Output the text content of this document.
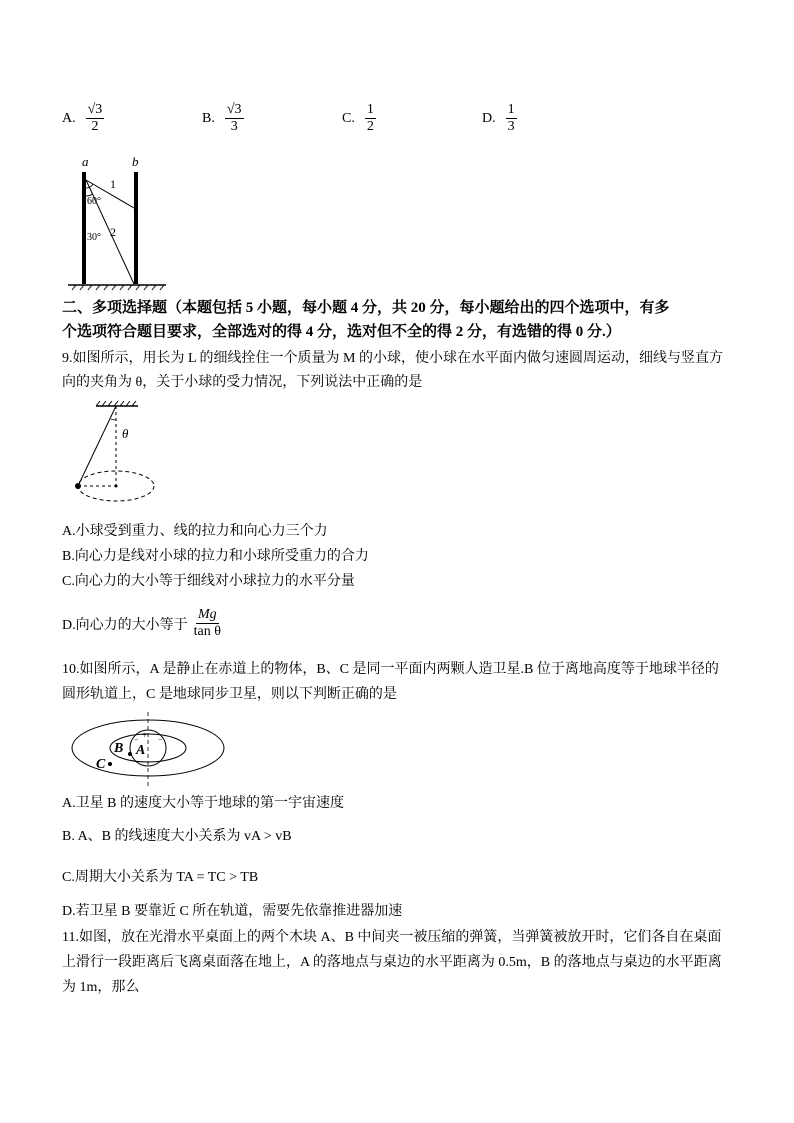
A. $\frac{√3}{2}$	B. $\frac{√3}{3}$	C. $\frac{1}{2}$	D. $\frac{1}{3}$
a	b
1
2
60°
30°
二、多项选择题（本题包括 5 小题，每小题 4 分，共 20 分，每小题给出的四个选项中，有多
个选项符合题目要求，全部选对的得 4 分，选对但不全的得 2 分，有选错的得 0 分.）
9.如图所示，用长为 L 的细线拴住一个质量为 M 的小球，使小球在水平面内做匀速圆周运动，细线与竖直方
向的夹角为 θ，关于小球的受力情况，下列说法中正确的是
θ
A.小球受到重力、线的拉力和向心力三个力
B.向心力是线对小球的拉力和小球所受重力的合力
C.向心力的大小等于细线对小球拉力的水平分量
D.向心力的大小等于 $\frac{Mg}{\text{tan θ}}$
10.如图所示，A 是静止在赤道上的物体，B、C 是同一平面内两颗人造卫星.B 位于离地高度等于地球半径的
圆形轨道上，C 是地球同步卫星，则以下判断正确的是
+
− −
A
B
C
A.卫星 B 的速度大小等于地球的第一宇宙速度
B. A、B 的线速度大小关系为 vA > vB
C.周期大小关系为 TA = TC > TB
D.若卫星 B 要靠近 C 所在轨道，需要先依靠推进器加速
11.如图，放在光滑水平桌面上的两个木块 A、B 中间夹一被压缩的弹簧，当弹簧被放开时，它们各自在桌面
上滑行一段距离后飞离桌面落在地上，A 的落地点与桌边的水平距离为 0.5m，B 的落地点与桌边的水平距离
为 1m，那么
